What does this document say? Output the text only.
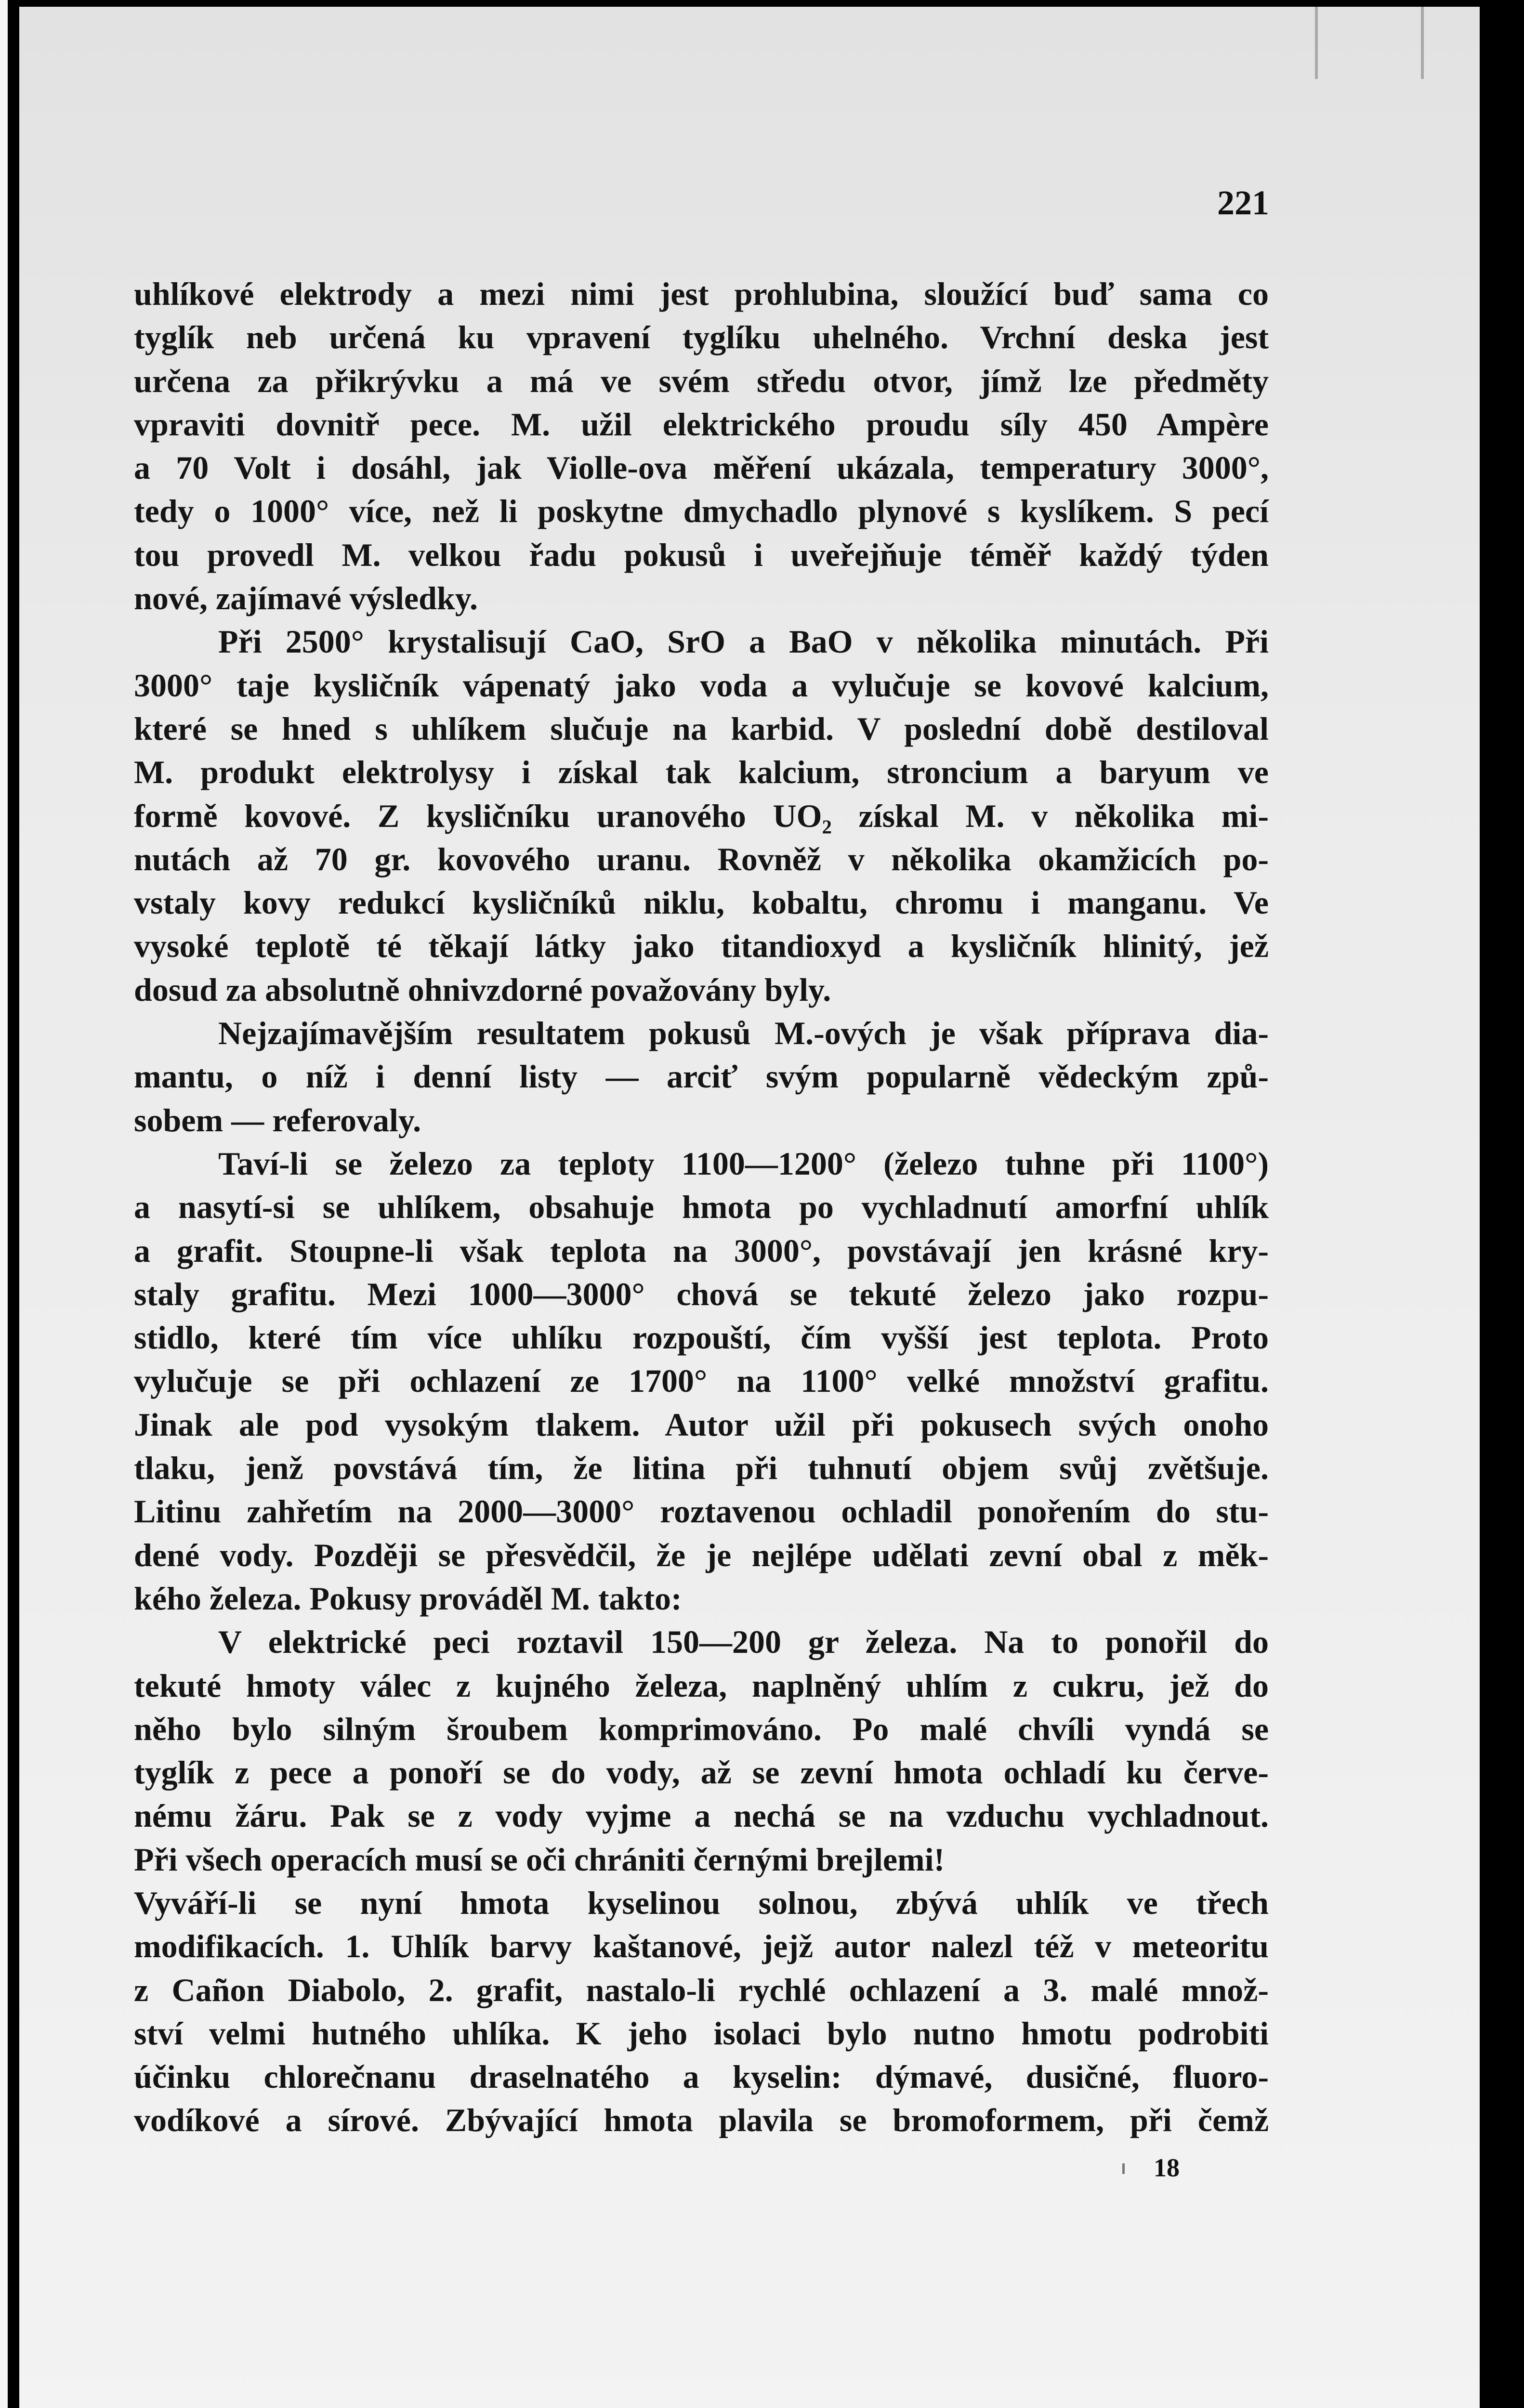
221
uhlíkové elektrody a mezi nimi jest prohlubina, sloužící buď sama co
tyglík neb určená ku vpravení tyglíku uhelného. Vrchní deska jest
určena za přikrývku a má ve svém středu otvor, jímž lze předměty
vpraviti dovnitř pece. M. užil elektrického proudu síly 450 Ampère
a 70 Volt i dosáhl, jak Violle-ova měření ukázala, temperatury 3000°,
tedy o 1000° více, než li poskytne dmychadlo plynové s kyslíkem. S pecí
tou provedl M. velkou řadu pokusů i uveřejňuje téměř každý týden
nové, zajímavé výsledky.
Při 2500° krystalisují CaO, SrO a BaO v několika minutách. Při
3000° taje kysličník vápenatý jako voda a vylučuje se kovové kalcium,
které se hned s uhlíkem slučuje na karbid. V poslední době destiloval
M. produkt elektrolysy i získal tak kalcium, stroncium a baryum ve
formě kovové. Z kysličníku uranového UO₂ získal M. v několika mi-
nutách až 70 gr. kovového uranu. Rovněž v několika okamžicích po-
vstaly kovy redukcí kysličníků niklu, kobaltu, chromu i manganu. Ve
vysoké teplotě té těkají látky jako titandioxyd a kysličník hlinitý, jež
dosud za absolutně ohnivzdorné považovány byly.
Nejzajímavějším resultatem pokusů M.-ových je však příprava dia-
mantu, o níž i denní listy — arciť svým popularně vědeckým způ-
sobem — referovaly.
Taví-li se železo za teploty 1100—1200° (železo tuhne při 1100°)
a nasytí-si se uhlíkem, obsahuje hmota po vychladnutí amorfní uhlík
a grafit. Stoupne-li však teplota na 3000°, povstávají jen krásné kry-
staly grafitu. Mezi 1000—3000° chová se tekuté železo jako rozpu-
stidlo, které tím více uhlíku rozpouští, čím vyšší jest teplota. Proto
vylučuje se při ochlazení ze 1700° na 1100° velké množství grafitu.
Jinak ale pod vysokým tlakem. Autor užil při pokusech svých onoho
tlaku, jenž povstává tím, že litina při tuhnutí objem svůj zvětšuje.
Litinu zahřetím na 2000—3000° roztavenou ochladil ponořením do stu-
dené vody. Později se přesvědčil, že je nejlépe udělati zevní obal z měk-
kého železa. Pokusy prováděl M. takto:
V elektrické peci roztavil 150—200 gr železa. Na to ponořil do
tekuté hmoty válec z kujného železa, naplněný uhlím z cukru, jež do
něho bylo silným šroubem komprimováno. Po malé chvíli vyndá se
tyglík z pece a ponoří se do vody, až se zevní hmota ochladí ku červe-
nému žáru. Pak se z vody vyjme a nechá se na vzduchu vychladnout.
Při všech operacích musí se oči chrániti černými brejlemi!
Vyváří-li se nyní hmota kyselinou solnou, zbývá uhlík ve třech
modifikacích. 1. Uhlík barvy kaštanové, jejž autor nalezl též v meteoritu
z Cañon Diabolo, 2. grafit, nastalo-li rychlé ochlazení a 3. malé množ-
ství velmi hutného uhlíka. K jeho isolaci bylo nutno hmotu podrobiti
účinku chlorečnanu draselnatého a kyselin: dýmavé, dusičné, fluoro-
vodíkové a sírové. Zbývající hmota plavila se bromoformem, při čemž
18
